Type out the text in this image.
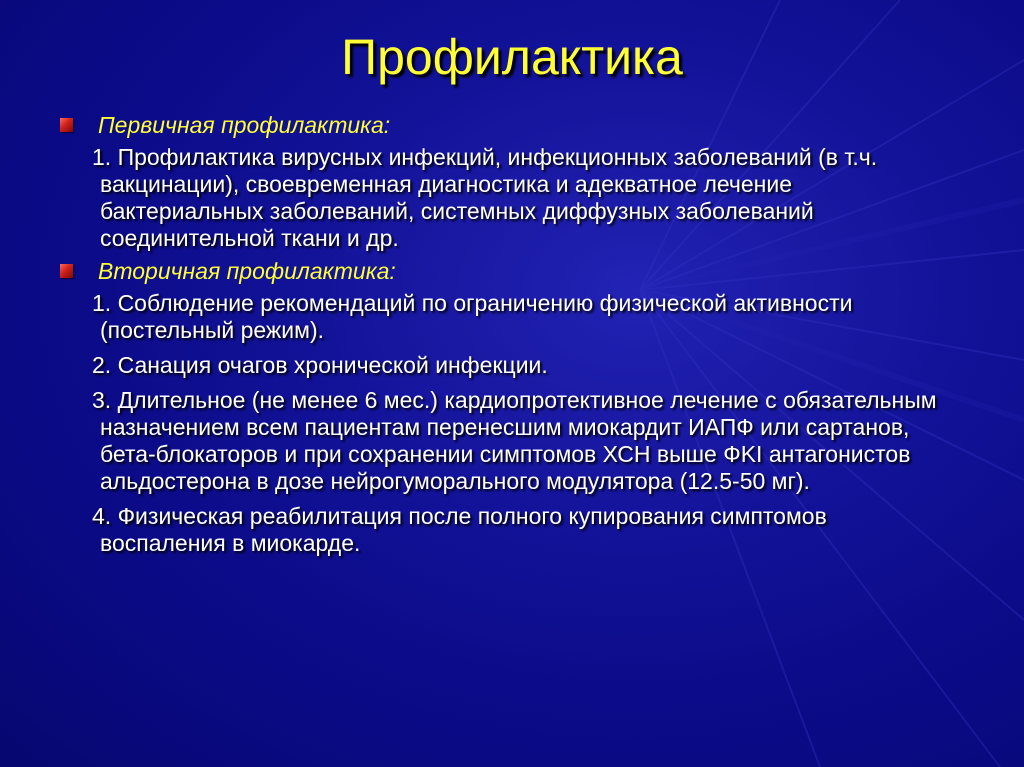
Профилактика
Первичная профилактика:
1. Профилактика вирусных инфекций, инфекционных заболеваний (в т.ч. вакцинации), своевременная диагностика и адекватное лечение бактериальных заболеваний, системных диффузных заболеваний соединительной ткани и др.
Вторичная профилактика:
1. Соблюдение рекомендаций по ограничению физической активности (постельный режим).
2. Санация очагов хронической инфекции.
3. Длительное (не менее 6 мес.) кардиопротективное лечение с обязательным назначением всем пациентам перенесшим миокардит ИАПФ или сартанов, бета-блокаторов и при сохранении симптомов ХСН выше ФKI антагонистов альдостерона в дозе нейрогуморального модулятора (12.5-50 мг).
4. Физическая реабилитация после полного купирования симптомов воспаления в миокарде.
